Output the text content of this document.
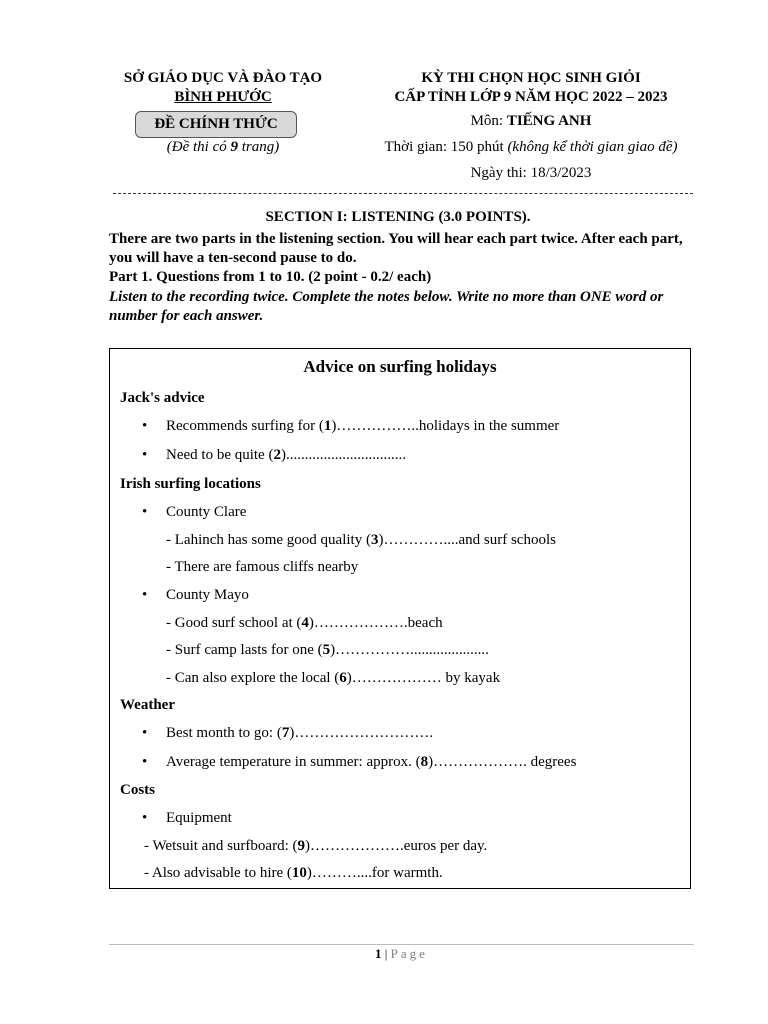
SỞ GIÁO DỤC VÀ ĐÀO TẠO
BÌNH PHƯỚC
ĐỀ CHÍNH THỨC
(Đề thi có 9 trang)
KỲ THI CHỌN HỌC SINH GIỎI
CẤP TỈNH LỚP 9 NĂM HỌC 2022 – 2023
Môn: TIẾNG ANH
Thời gian: 150 phút (không kể thời gian giao đề)
Ngày thi: 18/3/2023
SECTION I: LISTENING (3.0 POINTS).
There are two parts in the listening section. You will hear each part twice. After each part, you will have a ten-second pause to do.
Part 1. Questions from 1 to 10. (2 point - 0.2/ each)
Listen to the recording twice. Complete the notes below. Write no more than ONE word or number for each answer.
Advice on surfing holidays
Jack's advice
• Recommends surfing for (1)……………..holidays in the summer
• Need to be quite (2)................................
Irish surfing locations
• County Clare
- Lahinch has some good quality (3)…………....and surf schools
- There are famous cliffs nearby
• County Mayo
- Good surf school at (4)……………….beach
- Surf camp lasts for one (5)…………….....................
- Can also explore the local (6)……………… by kayak
Weather
• Best month to go: (7)……………………….
• Average temperature in summer: approx. (8)………………. degrees
Costs
• Equipment
- Wetsuit and surfboard: (9)……………….euros per day.
- Also advisable to hire (10)………....for warmth.
1 | Page
